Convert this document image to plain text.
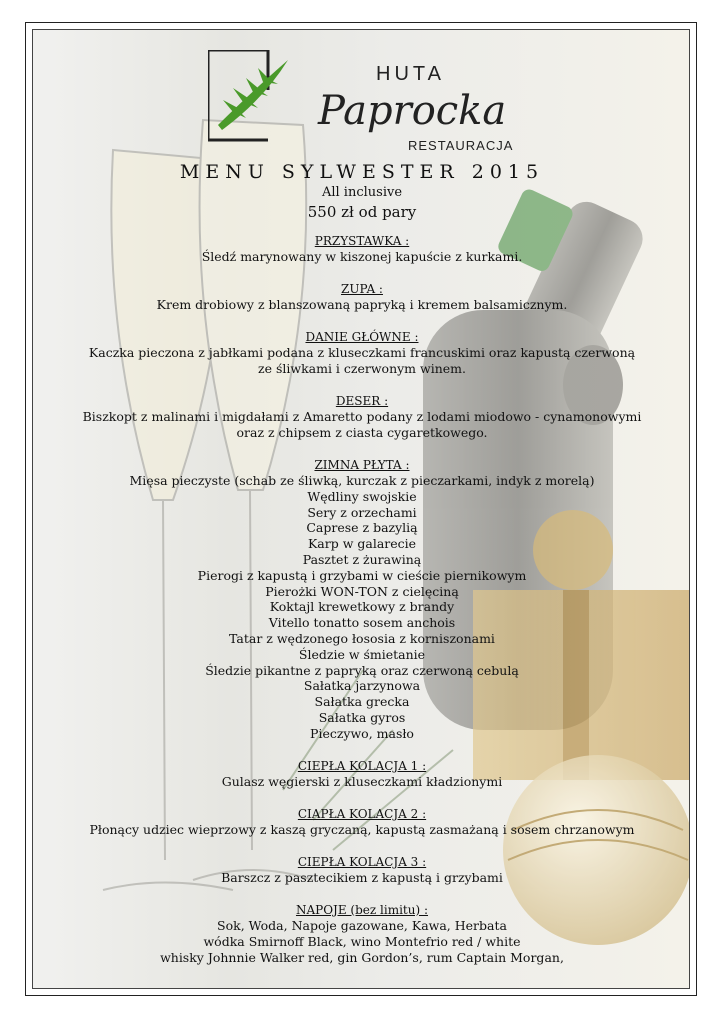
HUTA
Paprocka
RESTAURACJA
MENU SYLWESTER 2015
All inclusive
550 zł od pary
PRZYSTAWKA :
Śledź marynowany w kiszonej kapuście z kurkami.
ZUPA :
Krem drobiowy z blanszowaną papryką i kremem balsamicznym.
DANIE GŁÓWNE :
Kaczka pieczona z jabłkami podana z kluseczkami francuskimi oraz kapustą czerwoną
ze śliwkami i czerwonym winem.
DESER :
Biszkopt z malinami i migdałami z Amaretto podany z lodami miodowo - cynamonowymi
oraz z chipsem z ciasta cygaretkowego.
ZIMNA PŁYTA :
Mięsa pieczyste (schab ze śliwką, kurczak z pieczarkami, indyk z morelą)
Wędliny swojskie
Sery z orzechami
Caprese z bazylią
Karp w galarecie
Pasztet z żurawiną
Pierogi z kapustą i grzybami w cieście piernikowym
Pierożki WON-TON z cielęciną
Koktajl krewetkowy z brandy
Vitello tonatto sosem anchois
Tatar z wędzonego łososia z korniszonami
Śledzie w śmietanie
Śledzie pikantne z papryką oraz czerwoną cebulą
Sałatka jarzynowa
Sałatka grecka
Sałatka gyros
Pieczywo, masło
CIEPŁA KOLACJA 1 :
Gulasz węgierski z kluseczkami kładzionymi
CIAPŁA KOLACJA 2 :
Płonący udziec wieprzowy z kaszą gryczaną, kapustą zasmażaną i sosem chrzanowym
CIEPŁA KOLACJA 3 :
Barszcz z pasztecikiem z kapustą i grzybami
NAPOJE (bez limitu) :
Sok, Woda, Napoje gazowane, Kawa, Herbata
wódka Smirnoff Black, wino Montefrio red / white
whisky Johnnie Walker red, gin Gordon’s, rum Captain Morgan,
